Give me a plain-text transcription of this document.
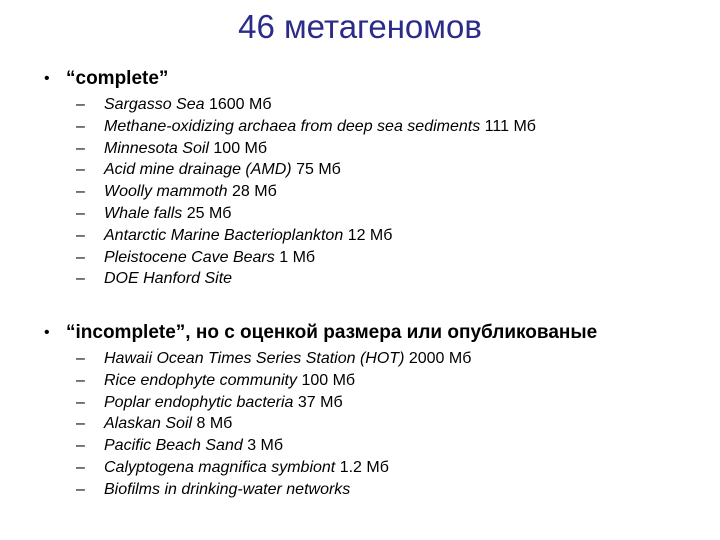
46 метагеномов
• “complete”
– Sargasso Sea 1600 Мб
– Methane-oxidizing archaea from deep sea sediments 111 Мб
– Minnesota Soil 100 Мб
– Acid mine drainage (AMD) 75 Мб
– Woolly mammoth 28 Мб
– Whale falls 25 Мб
– Antarctic Marine Bacterioplankton 12 Мб
– Pleistocene Cave Bears 1 Мб
– DOE Hanford Site
• “incomplete”, но с оценкой размера или опубликованые
– Hawaii Ocean Times Series Station (HOT) 2000 Мб
– Rice endophyte community 100 Мб
– Poplar endophytic bacteria 37 Мб
– Alaskan Soil 8 Мб
– Pacific Beach Sand 3 Мб
– Calyptogena magnifica symbiont 1.2 Мб
– Biofilms in drinking-water networks
